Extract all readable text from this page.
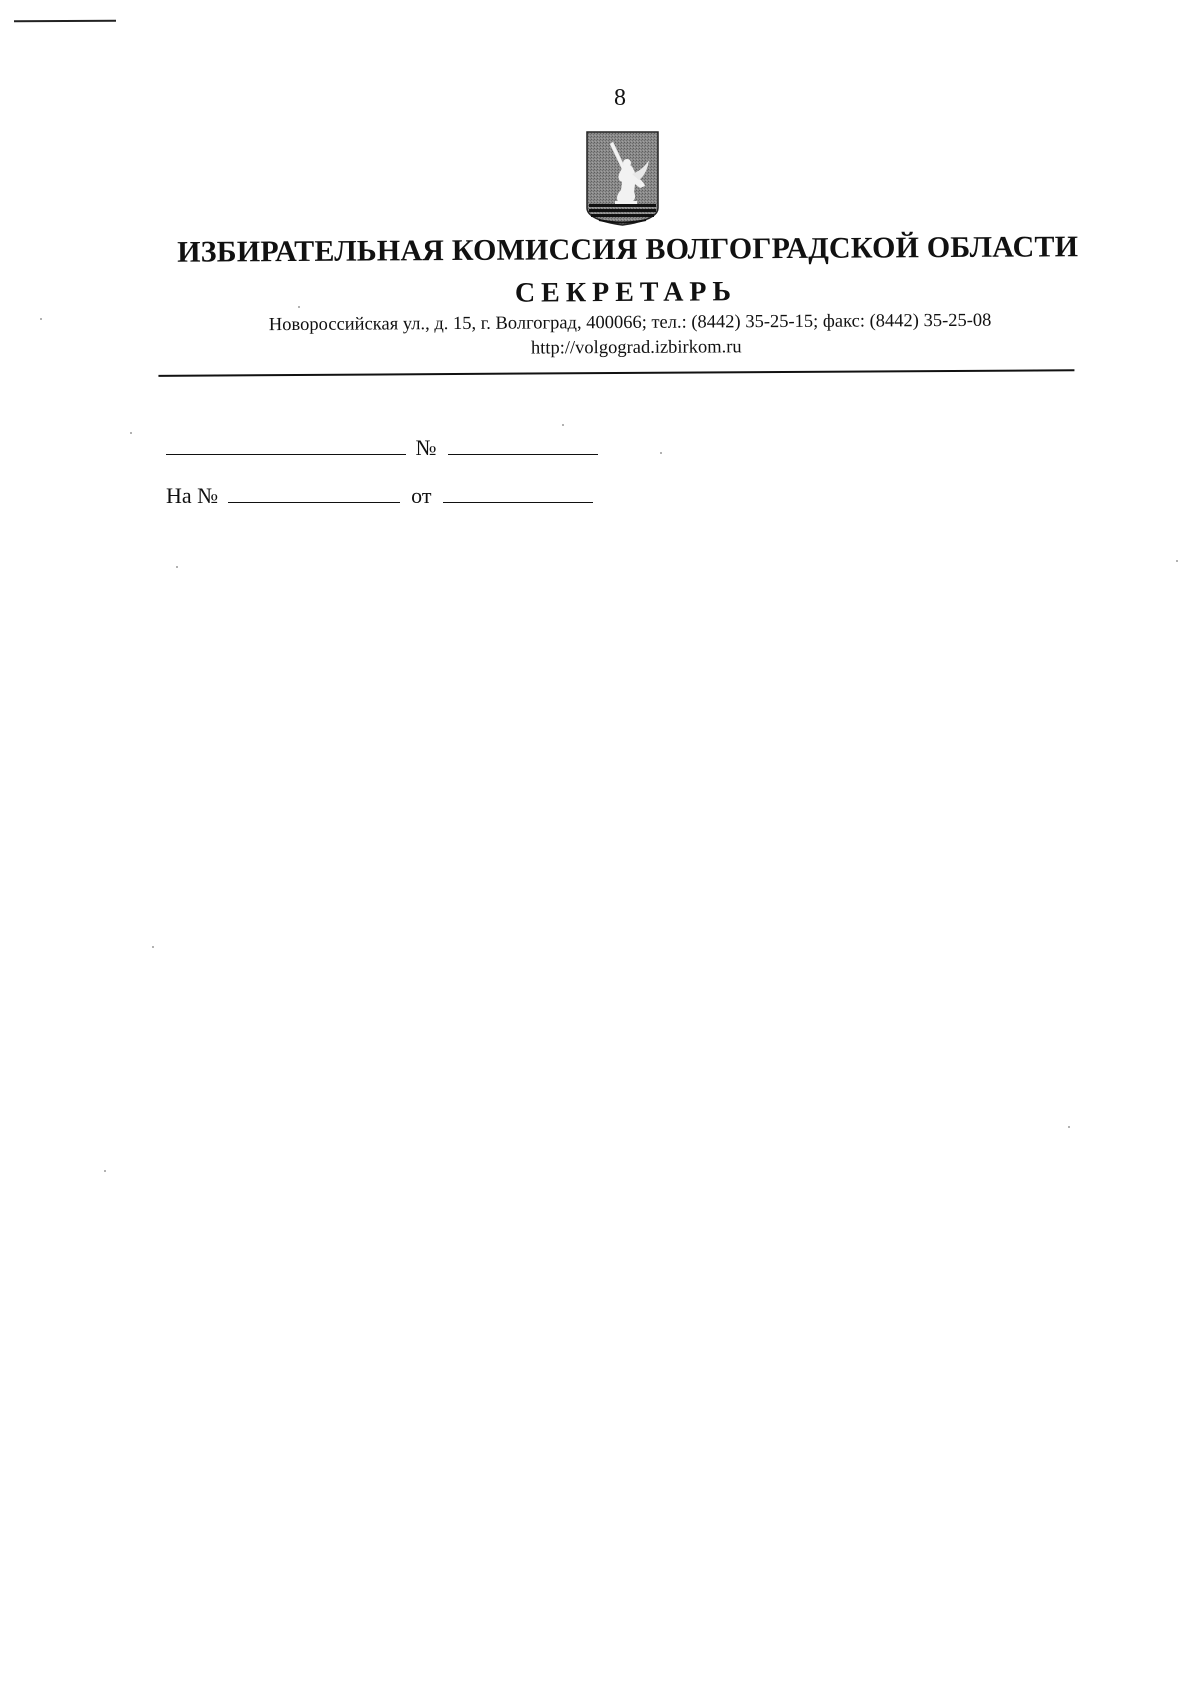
8
ИЗБИРАТЕЛЬНАЯ КОМИССИЯ ВОЛГОГРАДСКОЙ ОБЛАСТИ
СЕКРЕТАРЬ
Новороссийская ул., д. 15, г. Волгоград, 400066; тел.: (8442) 35-25-15; факс: (8442) 35-25-08
http://volgograd.izbirkom.ru
№
На №	от
